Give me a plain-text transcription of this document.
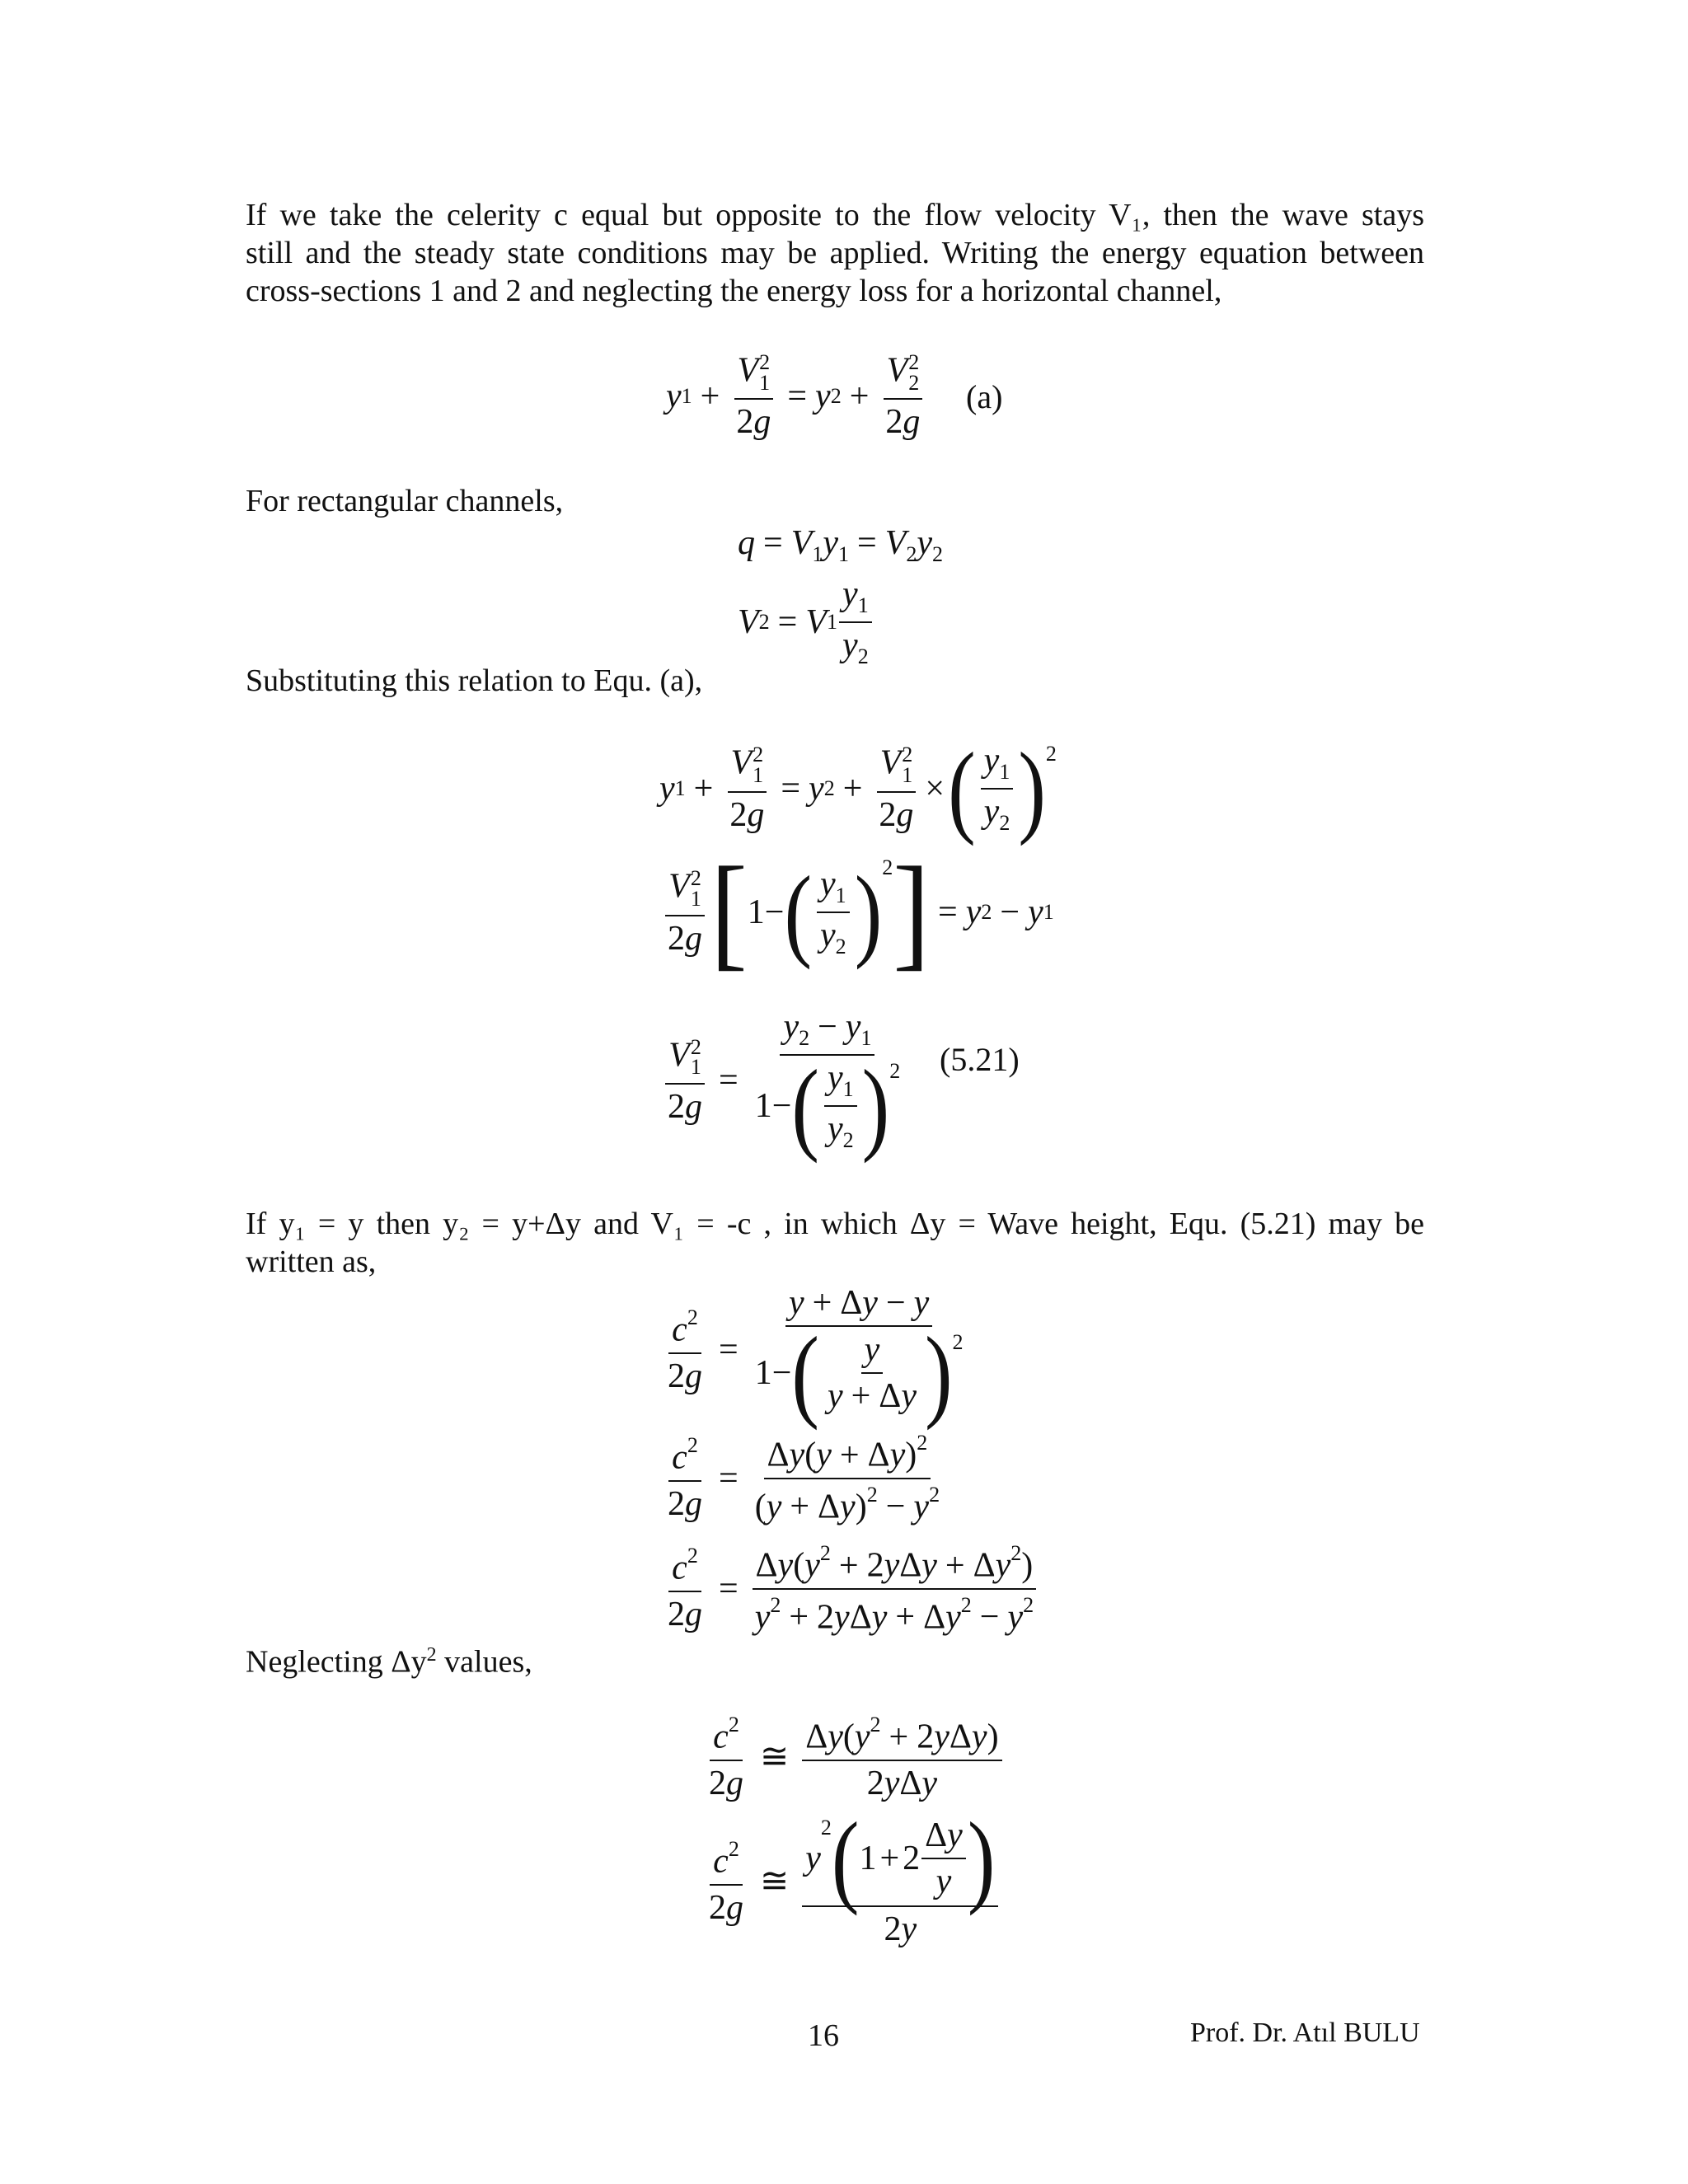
If we take the celerity c equal but opposite to the flow velocity V₁, then the wave stays
still and the steady state conditions may be applied. Writing the energy equation between
cross-sections 1 and 2 and neglecting the energy loss for a horizontal channel,

y 1 + V 2
1
2g = y 2 + V 2
2
2g (a)

For rectangular channels,

$q = V_1y_1 = V_2y_2$
V 2 = V $1 \frac{y_1}{y_2}$

Substituting this relation to Equ. (a),

y 1 + V 2
1
2g = y 2 + V 2
1
2g × ( $\frac{y_1}{y_2}$ ) 2
V 2
1
2g [ 1− ( $\frac{y_1}{y_2}$ ) 2 ] = y 2 − y 1
V 2
1
$2g = \frac{y_2 - y_1}{1- ( \frac{y_1}{y_2} ) 2} (5.21)$

If y₁ = y then y₂ = y+Δy and V₁ = -c , in which Δy = Wave height, Equ. (5.21) may be
written as,

$\frac{c^2}{2g} = \frac{y + \Delta y - y}{1- ( \frac{y}{y + \Delta y} ) 2}$
$\frac{c^2}{2g} = \frac{\Delta y(y + \Delta y)^2}{(y + \Delta y)^2 - y^2}$
$\frac{c^2}{2g} = \frac{\Delta y(y^2 + 2y\Delta y + \Delta y^2)}{y^2 + 2y\Delta y + \Delta y^2 - y^2}$

Neglecting $\Delta y^2$ values,

$\frac{c^2}{2g}$ ≅ $\frac{\Delta y(y^2 + 2y\Delta y)}{\text{2yΔy}}$
$\frac{c^2}{2g}$ ≅ y
2 ( $1 + 2 \frac{\Delta y}{y}$ )
2y
16	Prof. Dr. Atıl BULU
